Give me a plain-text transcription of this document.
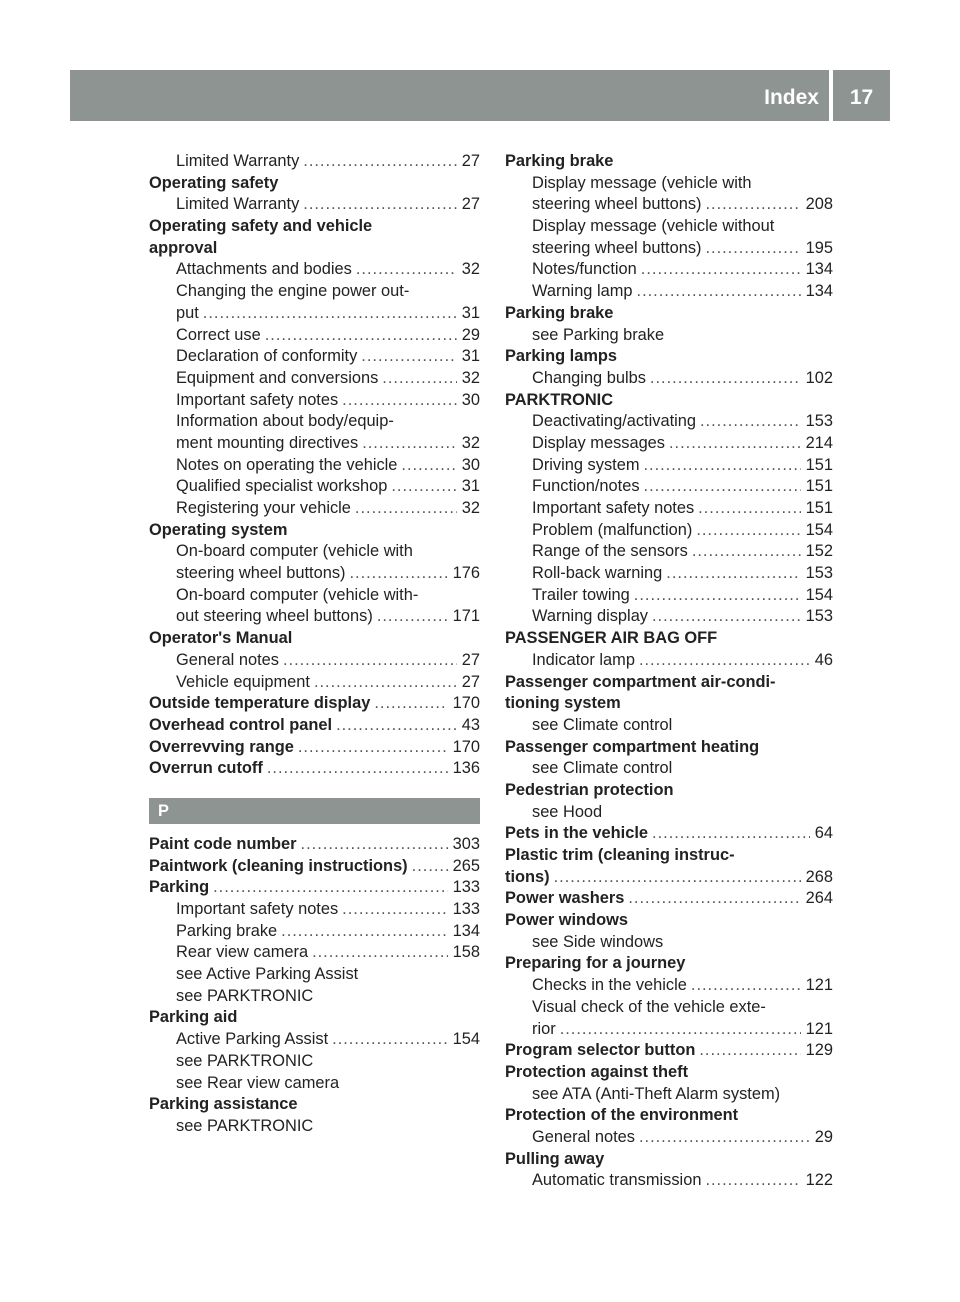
Index	17
Limited Warranty .....	27
Operating safety
Limited Warranty .....	27
Operating safety and vehicle
approval
Attachments and bodies .....	32
Changing the engine power out-
put .....	31
Correct use .....	29
Declaration of conformity .....	31
Equipment and conversions .....	32
Important safety notes .....	30
Information about body/equip-
ment mounting directives .....	32
Notes on operating the vehicle .....	30
Qualified specialist workshop .....	31
Registering your vehicle .....	32
Operating system
On-board computer (vehicle with
steering wheel buttons) .....	176
On-board computer (vehicle with-
out steering wheel buttons) .....	171
Operator's Manual
General notes .....	27
Vehicle equipment .....	27
Outside temperature display .....	170
Overhead control panel .....	43
Overrevving range .....	170
Overrun cutoff .....	136
P
Paint code number .....	303
Paintwork (cleaning instructions) .....	265
Parking .....	133
Important safety notes .....	133
Parking brake .....	134
Rear view camera .....	158
see Active Parking Assist
see PARKTRONIC
Parking aid
Active Parking Assist .....	154
see PARKTRONIC
see Rear view camera
Parking assistance
see PARKTRONIC
Parking brake
Display message (vehicle with
steering wheel buttons) .....	208
Display message (vehicle without
steering wheel buttons) .....	195
Notes/function .....	134
Warning lamp .....	134
Parking brake
see Parking brake
Parking lamps
Changing bulbs .....	102
PARKTRONIC
Deactivating/activating .....	153
Display messages .....	214
Driving system .....	151
Function/notes .....	151
Important safety notes .....	151
Problem (malfunction) .....	154
Range of the sensors .....	152
Roll-back warning .....	153
Trailer towing .....	154
Warning display .....	153
PASSENGER AIR BAG OFF
Indicator lamp .....	46
Passenger compartment air-condi-
tioning system
see Climate control
Passenger compartment heating
see Climate control
Pedestrian protection
see Hood
Pets in the vehicle .....	64
Plastic trim (cleaning instruc-
tions) .....	268
Power washers .....	264
Power windows
see Side windows
Preparing for a journey
Checks in the vehicle .....	121
Visual check of the vehicle exte-
rior .....	121
Program selector button .....	129
Protection against theft
see ATA (Anti-Theft Alarm system)
Protection of the environment
General notes .....	29
Pulling away
Automatic transmission .....	122
